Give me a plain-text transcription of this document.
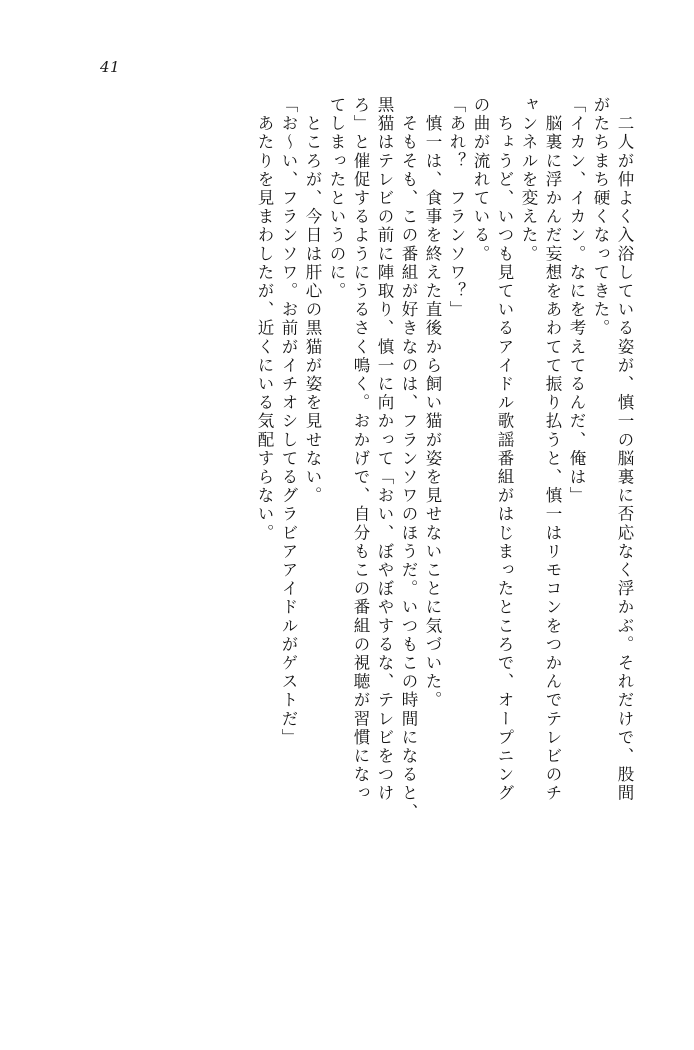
41
　二人が仲よく入浴している姿が、慎一の脳裏に否応なく浮かぶ。それだけで、股間
がたちまち硬くなってきた。
「イカン、イカン。なにを考えてるんだ、俺は」
　脳裏に浮かんだ妄想をあわてて振り払うと、慎一はリモコンをつかんでテレビのチ
ャンネルを変えた。
　ちょうど、いつも見ているアイドル歌謡番組がはじまったところで、オープニング
の曲が流れている。
「あれ？　フランソワ？」
　慎一は、食事を終えた直後から飼い猫が姿を見せないことに気づいた。
　そもそも、この番組が好きなのは、フランソワのほうだ。いつもこの時間になると、
黒猫はテレビの前に陣取り、慎一に向かって「おい、ぼやぼやするな、テレビをつけ
ろ」と催促するようにうるさく鳴く。おかげで、自分もこの番組の視聴が習慣になっ
てしまったというのに。
　ところが、今日は肝心の黒猫が姿を見せない。
「お～い、フランソワ。お前がイチオシしてるグラビアアイドルがゲストだ」
　あたりを見まわしたが、近くにいる気配すらない。
